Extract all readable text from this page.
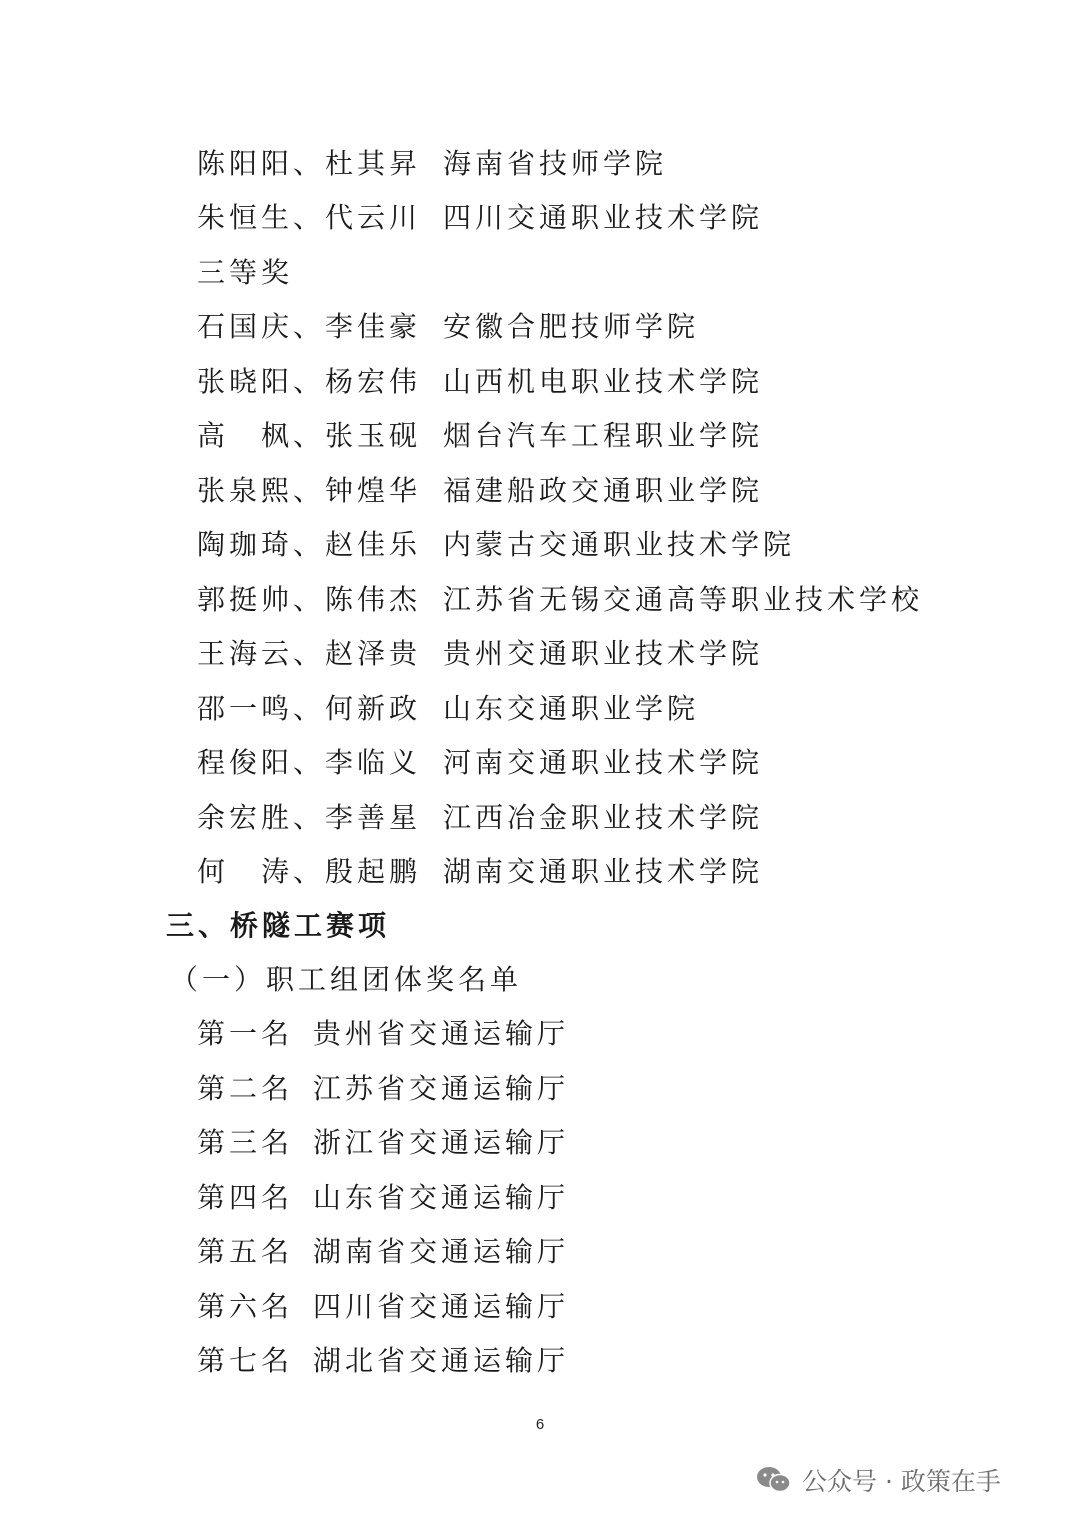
陈阳阳、杜其昇 海南省技师学院
朱恒生、代云川 四川交通职业技术学院
三等奖
石国庆、李佳豪 安徽合肥技师学院
张晓阳、杨宏伟 山西机电职业技术学院
高　枫、张玉砚 烟台汽车工程职业学院
张泉熙、钟煌华 福建船政交通职业学院
陶珈琦、赵佳乐 内蒙古交通职业技术学院
郭挺帅、陈伟杰 江苏省无锡交通高等职业技术学校
王海云、赵泽贵 贵州交通职业技术学院
邵一鸣、何新政 山东交通职业学院
程俊阳、李临义 河南交通职业技术学院
余宏胜、李善星 江西冶金职业技术学院
何　涛、殷起鹏 湖南交通职业技术学院
三、桥隧工赛项
（一）职工组团体奖名单
第一名 贵州省交通运输厅
第二名 江苏省交通运输厅
第三名 浙江省交通运输厅
第四名 山东省交通运输厅
第五名 湖南省交通运输厅
第六名 四川省交通运输厅
第七名 湖北省交通运输厅
6
公众号 · 政策在手
